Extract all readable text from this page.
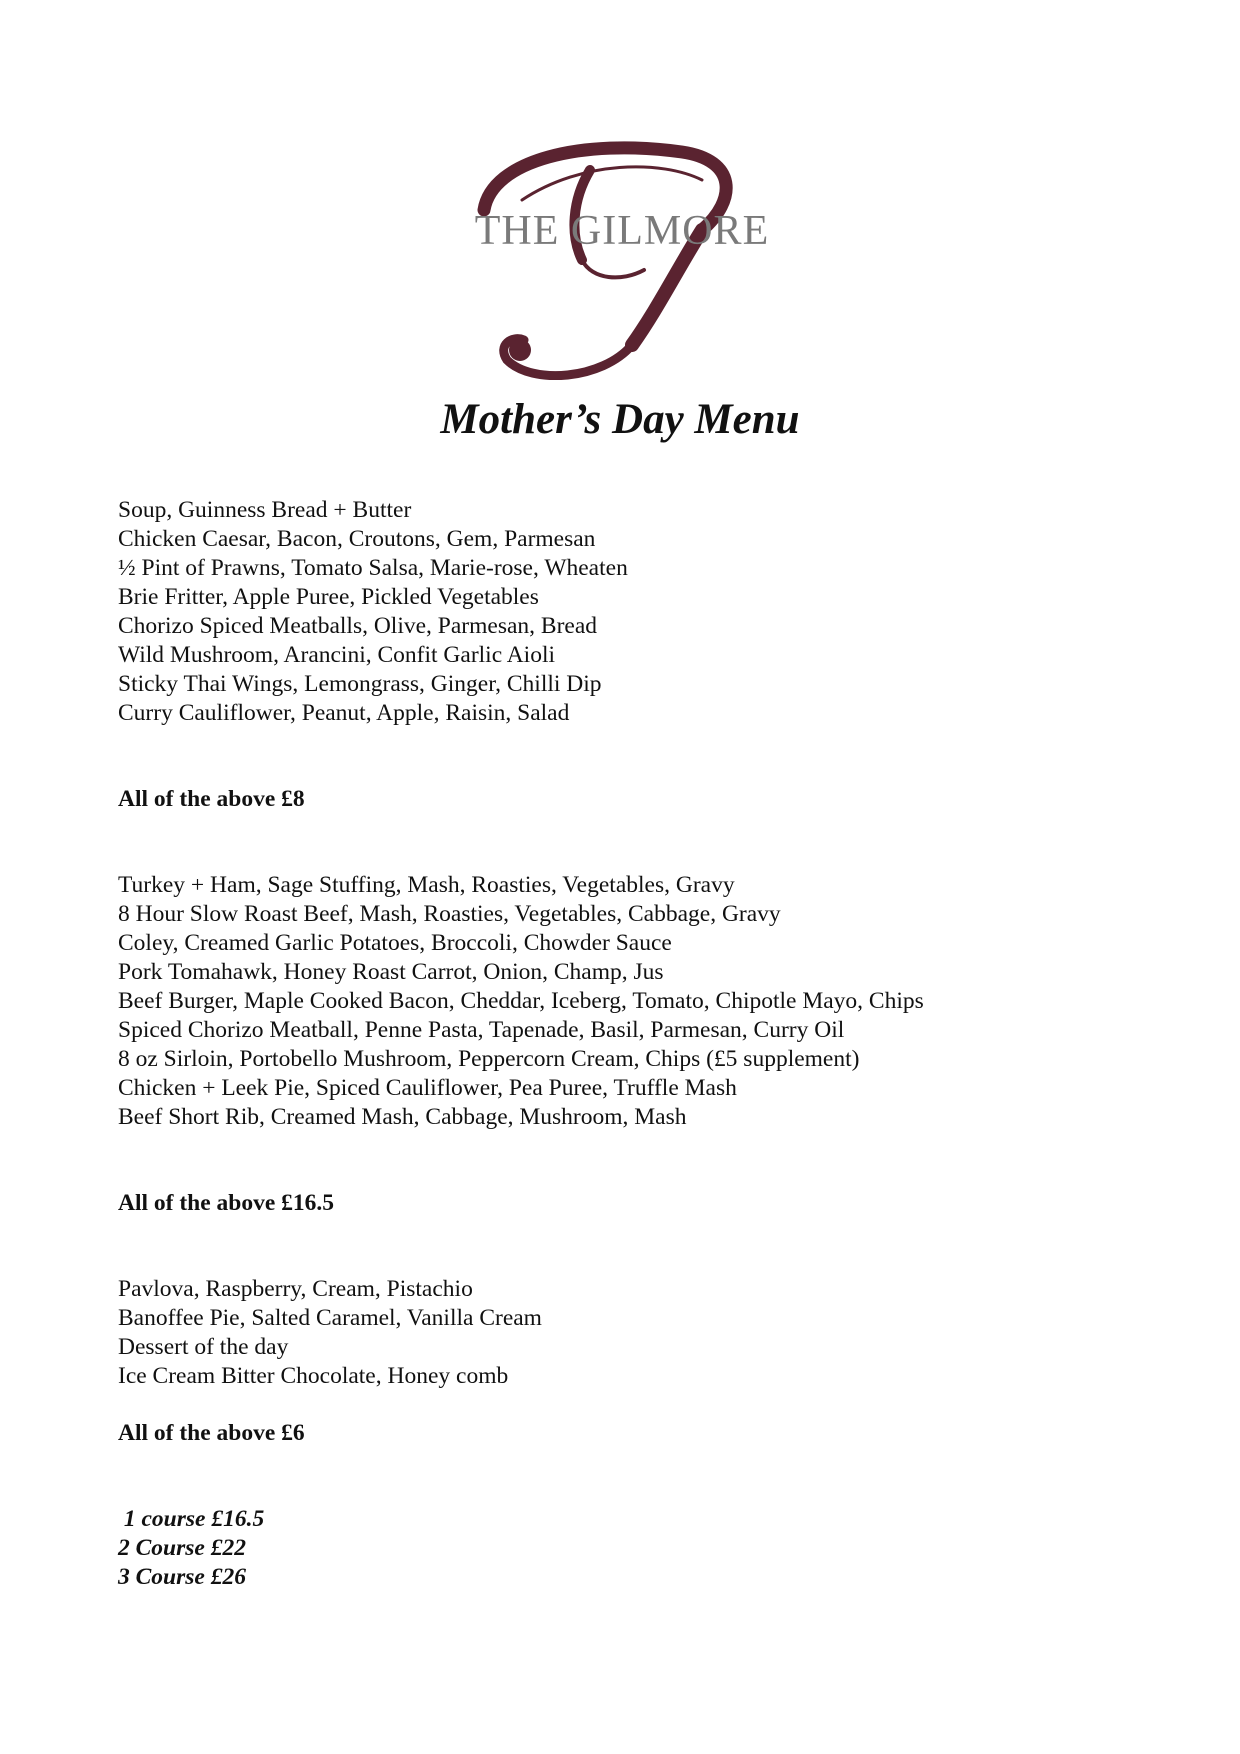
THE GILMORE
Mother’s Day Menu
Soup, Guinness Bread + Butter
Chicken Caesar, Bacon, Croutons, Gem, Parmesan
½ Pint of Prawns, Tomato Salsa, Marie-rose, Wheaten
Brie Fritter, Apple Puree, Pickled Vegetables
Chorizo Spiced Meatballs, Olive, Parmesan, Bread
Wild Mushroom, Arancini, Confit Garlic Aioli
Sticky Thai Wings, Lemongrass, Ginger, Chilli Dip
Curry Cauliflower, Peanut, Apple, Raisin, Salad

All of the above £8

Turkey + Ham, Sage Stuffing, Mash, Roasties, Vegetables, Gravy
8 Hour Slow Roast Beef, Mash, Roasties, Vegetables, Cabbage, Gravy
Coley, Creamed Garlic Potatoes, Broccoli, Chowder Sauce
Pork Tomahawk, Honey Roast Carrot, Onion, Champ, Jus
Beef Burger, Maple Cooked Bacon, Cheddar, Iceberg, Tomato, Chipotle Mayo, Chips
Spiced Chorizo Meatball, Penne Pasta, Tapenade, Basil, Parmesan, Curry Oil
8 oz Sirloin, Portobello Mushroom, Peppercorn Cream, Chips (£5 supplement)
Chicken + Leek Pie, Spiced Cauliflower, Pea Puree, Truffle Mash
Beef Short Rib, Creamed Mash, Cabbage, Mushroom, Mash

All of the above £16.5

Pavlova, Raspberry, Cream, Pistachio
Banoffee Pie, Salted Caramel, Vanilla Cream
Dessert of the day
Ice Cream Bitter Chocolate, Honey comb

All of the above £6

1 course £16.5
2 Course £22
3 Course £26
